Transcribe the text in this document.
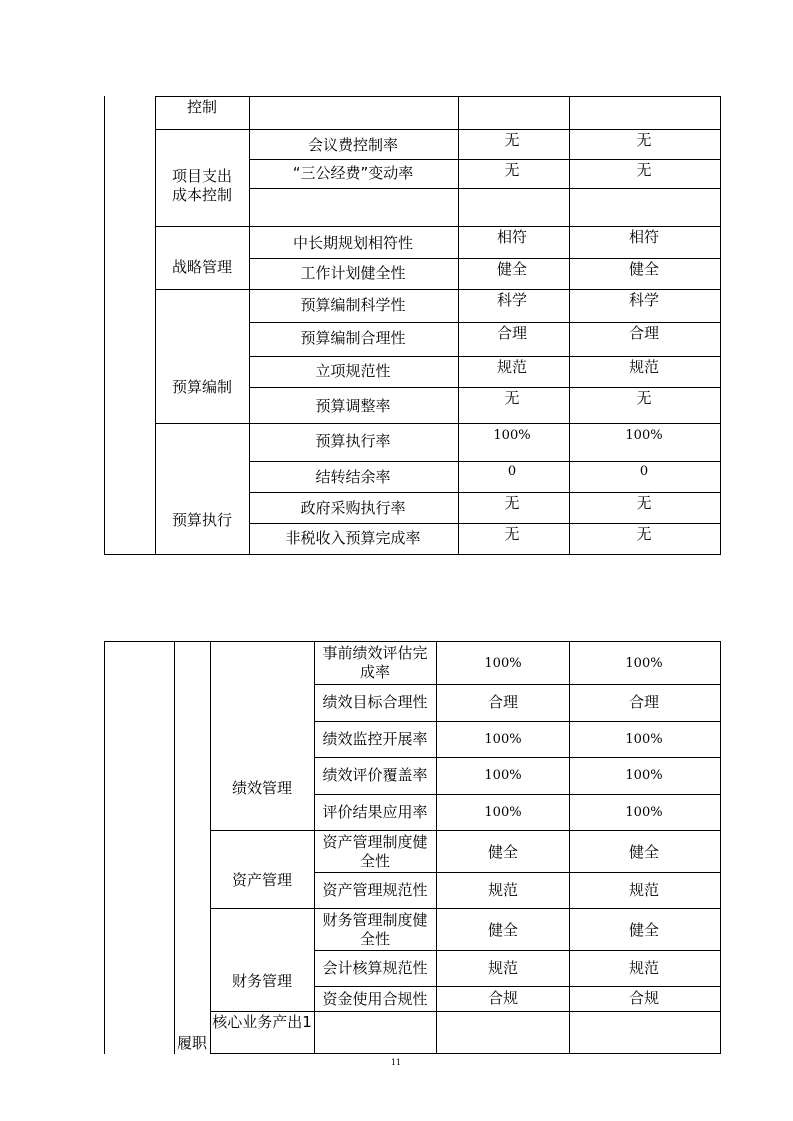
控制
项目支出成本控制
战略管理
预算编制
预算执行
会议费控制率
“三公经费”变动率
中长期规划相符性
工作计划健全性
预算编制科学性
预算编制合理性
立项规范性
预算调整率
预算执行率
结转结余率
政府采购执行率
非税收入预算完成率
无
无
相符
健全
科学
合理
规范
无
100%
0
无
无
无
无
相符
健全
科学
合理
规范
无
100%
0
无
无
绩效管理
资产管理
财务管理
履职
核心业务产出1
事前绩效评估完成率
绩效目标合理性
绩效监控开展率
绩效评价覆盖率
评价结果应用率
资产管理制度健全性
资产管理规范性
财务管理制度健全性
会计核算规范性
资金使用合规性
100%
合理
100%
100%
100%
健全
规范
健全
规范
合规
100%
合理
100%
100%
100%
健全
规范
健全
规范
合规
11
